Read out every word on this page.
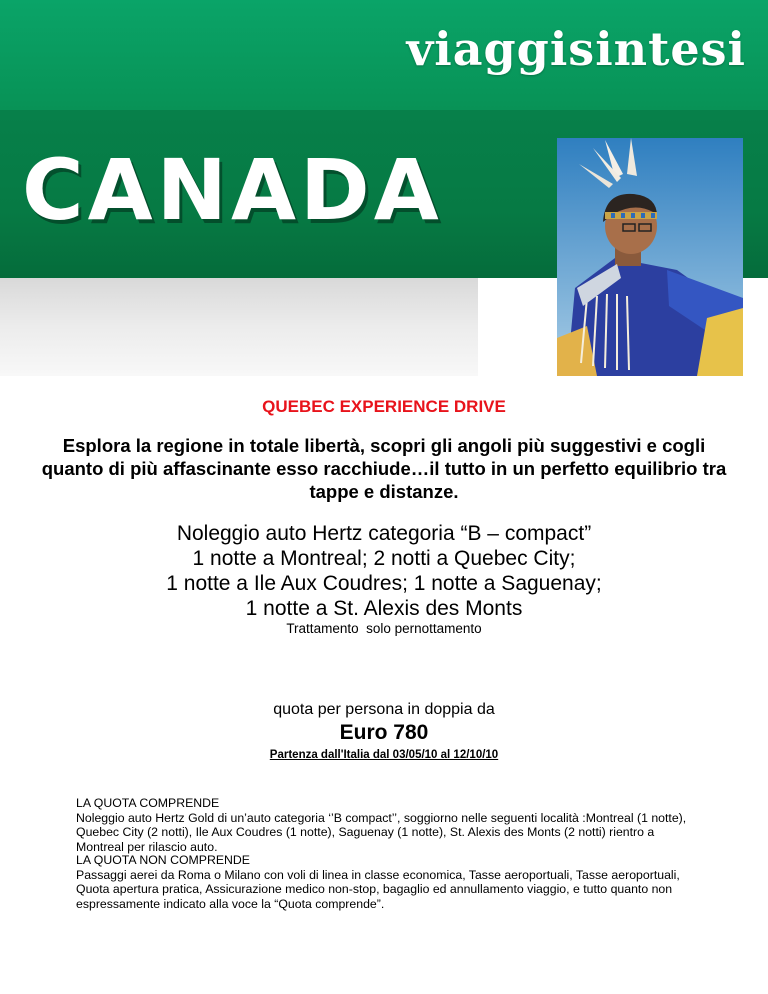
viaggisintesi
CANADA
QUEBEC EXPERIENCE DRIVE
Esplora la regione in totale libertà, scopri gli angoli più suggestivi e cogli quanto di più affascinante esso racchiude…il tutto in un perfetto equilibrio tra tappe e distanze.
Noleggio auto Hertz categoria “B – compact”
1 notte a Montreal; 2 notti a Quebec City;
1 notte a Ile Aux Coudres; 1 notte a Saguenay;
1 notte a St. Alexis des Monts
Trattamento  solo pernottamento
quota per persona in doppia da
Euro 780
Partenza dall'Italia dal 03/05/10 al 12/10/10
LA QUOTA COMPRENDE
Noleggio auto Hertz Gold di un’auto categoria ‘’B compact’’, soggiorno nelle seguenti località :Montreal (1 notte), Quebec City (2 notti), Ile Aux Coudres (1 notte), Saguenay (1 notte), St. Alexis des Monts (2 notti) rientro a Montreal per rilascio auto.
LA QUOTA NON COMPRENDE
Passaggi aerei da Roma o Milano con voli di linea in classe economica, Tasse aeroportuali, Tasse aeroportuali, Quota apertura pratica, Assicurazione medico non-stop, bagaglio ed annullamento viaggio, e tutto quanto non espressamente indicato alla voce la “Quota comprende”.
